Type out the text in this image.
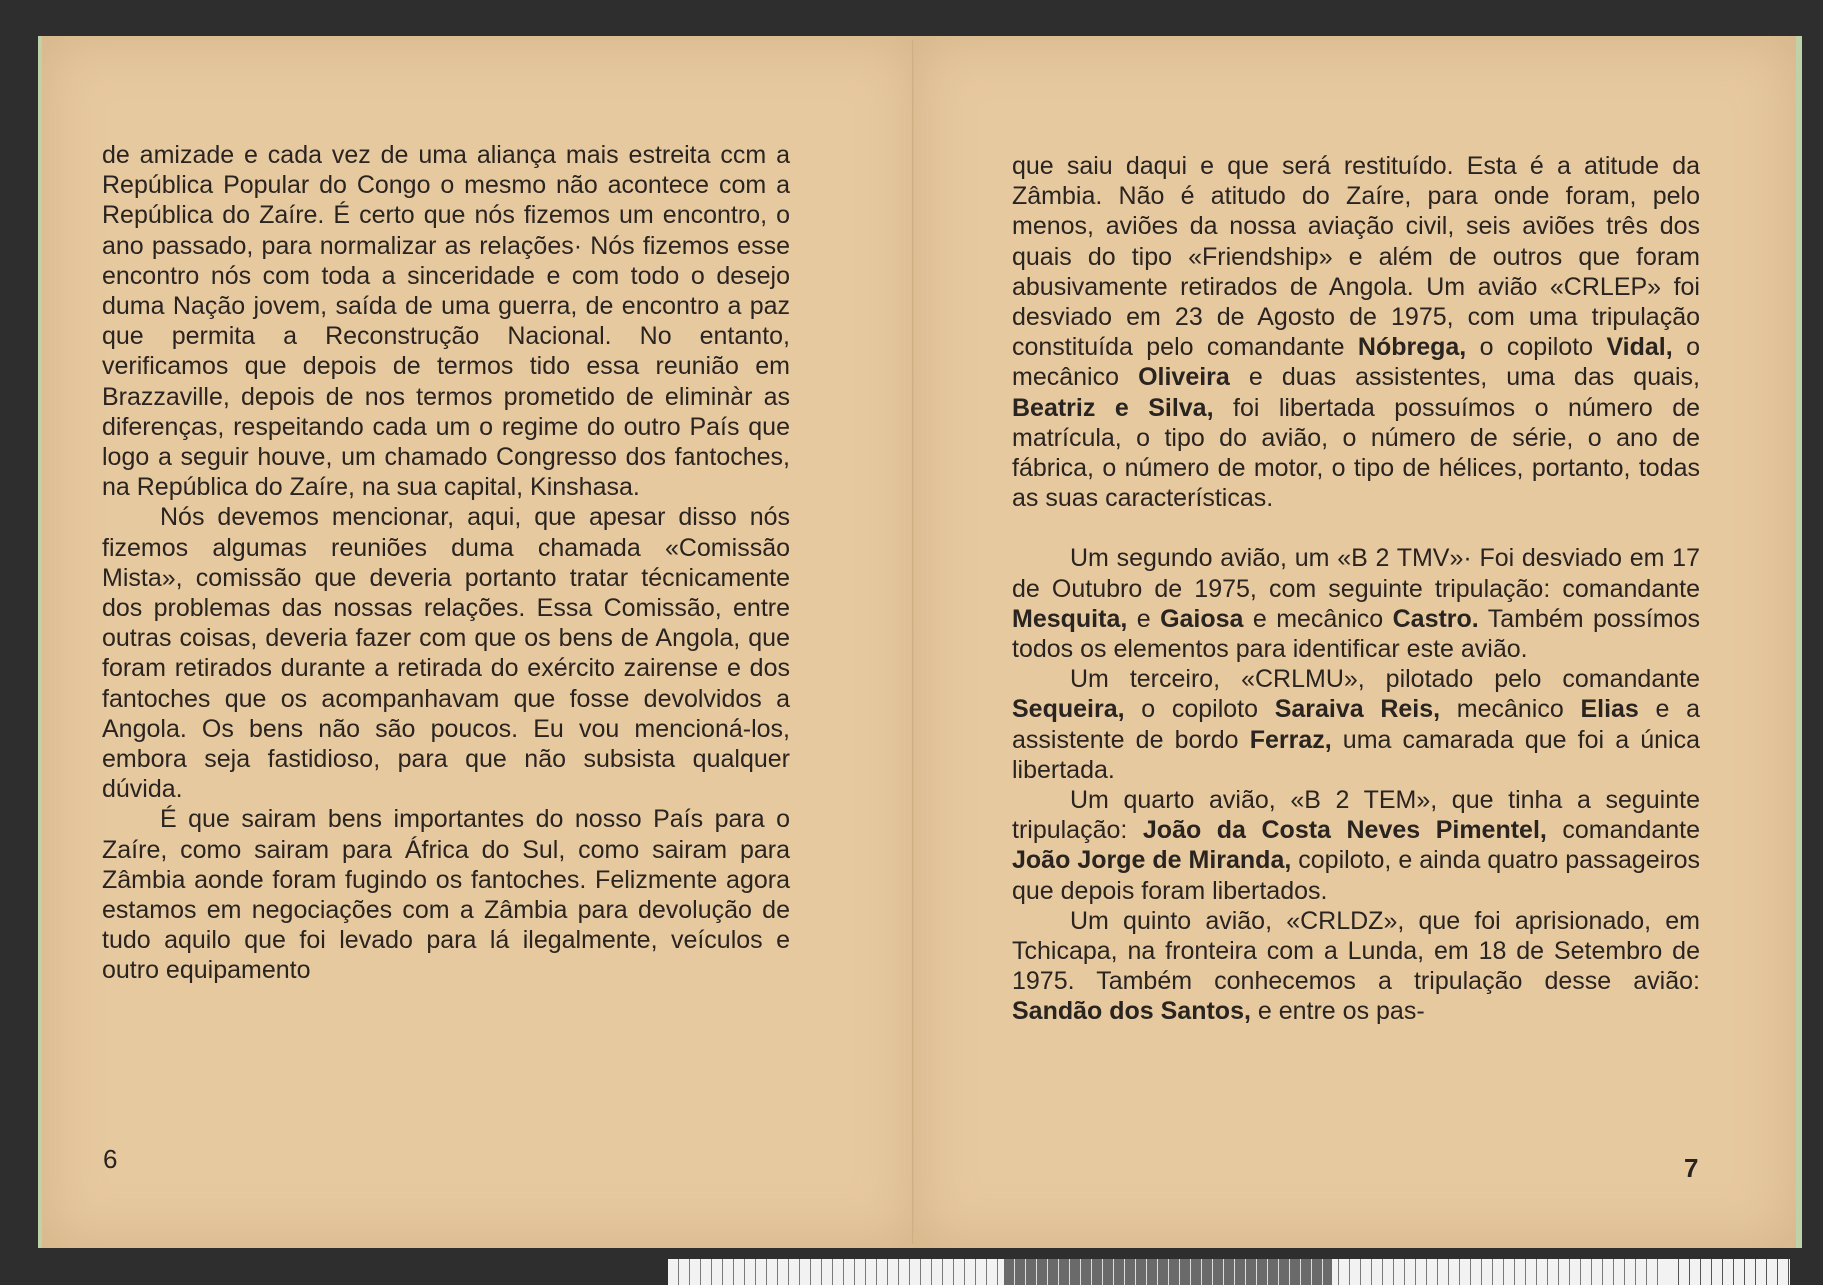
de amizade e cada vez de uma aliança mais estreita ccm a República Popular do Congo o mesmo não acontece com a República do Zaíre. É certo que nós fizemos um encontro, o ano passado, para normalizar as relações· Nós fizemos esse encontro nós com toda a sinceridade e com todo o desejo duma Nação jovem, saída de uma guerra, de encontro a paz que permita a Reconstrução Nacional. No entanto, verificamos que depois de termos tido essa reunião em Brazzaville, depois de nos termos prometido de eliminàr as diferenças, respeitando cada um o regime do outro País que logo a seguir houve, um chamado Congresso dos fantoches, na República do Zaíre, na sua capital, Kinshasa.

Nós devemos mencionar, aqui, que apesar disso nós fizemos algumas reuniões duma chamada «Comissão Mista», comissão que deveria portanto tratar técnicamente dos problemas das nossas relações. Essa Comissão, entre outras coisas, deveria fazer com que os bens de Angola, que foram retirados durante a retirada do exército zairense e dos fantoches que os acompanhavam que fosse devolvidos a Angola. Os bens não são poucos. Eu vou mencioná-los, embora seja fastidioso, para que não subsista qualquer dúvida.

É que sairam bens importantes do nosso País para o Zaíre, como sairam para África do Sul, como sairam para Zâmbia aonde foram fugindo os fantoches. Felizmente agora estamos em negociações com a Zâmbia para devolução de tudo aquilo que foi levado para lá ilegalmente, veículos e outro equipamento

6

que saiu daqui e que será restituído. Esta é a atitude da Zâmbia. Não é atitudo do Zaíre, para onde foram, pelo menos, aviões da nossa aviação civil, seis aviões três dos quais do tipo «Friendship» e além de outros que foram abusivamente retirados de Angola. Um avião «CRLEP» foi desviado em 23 de Agosto de 1975, com uma tripulação constituída pelo comandante Nóbrega, o copiloto Vidal, o mecânico Oliveira e duas assistentes, uma das quais, Beatriz e Silva, foi libertada possuímos o número de matrícula, o tipo do avião, o número de série, o ano de fábrica, o número de motor, o tipo de hélices, portanto, todas as suas características.

Um segundo avião, um «B 2 TMV»· Foi desviado em 17 de Outubro de 1975, com seguinte tripulação: comandante Mesquita, e Gaiosa e mecânico Castro. Também possímos todos os elementos para identificar este avião.

Um terceiro, «CRLMU», pilotado pelo comandante Sequeira, o copiloto Saraiva Reis, mecânico Elias e a assistente de bordo Ferraz, uma camarada que foi a única libertada.

Um quarto avião, «B 2 TEM», que tinha a seguinte tripulação: João da Costa Neves Pimentel, comandante João Jorge de Miranda, copiloto, e ainda quatro passageiros que depois foram libertados.

Um quinto avião, «CRLDZ», que foi aprisionado, em Tchicapa, na fronteira com a Lunda, em 18 de Setembro de 1975. Também conhecemos a tripulação desse avião: Sandão dos Santos, e entre os pas-

7
